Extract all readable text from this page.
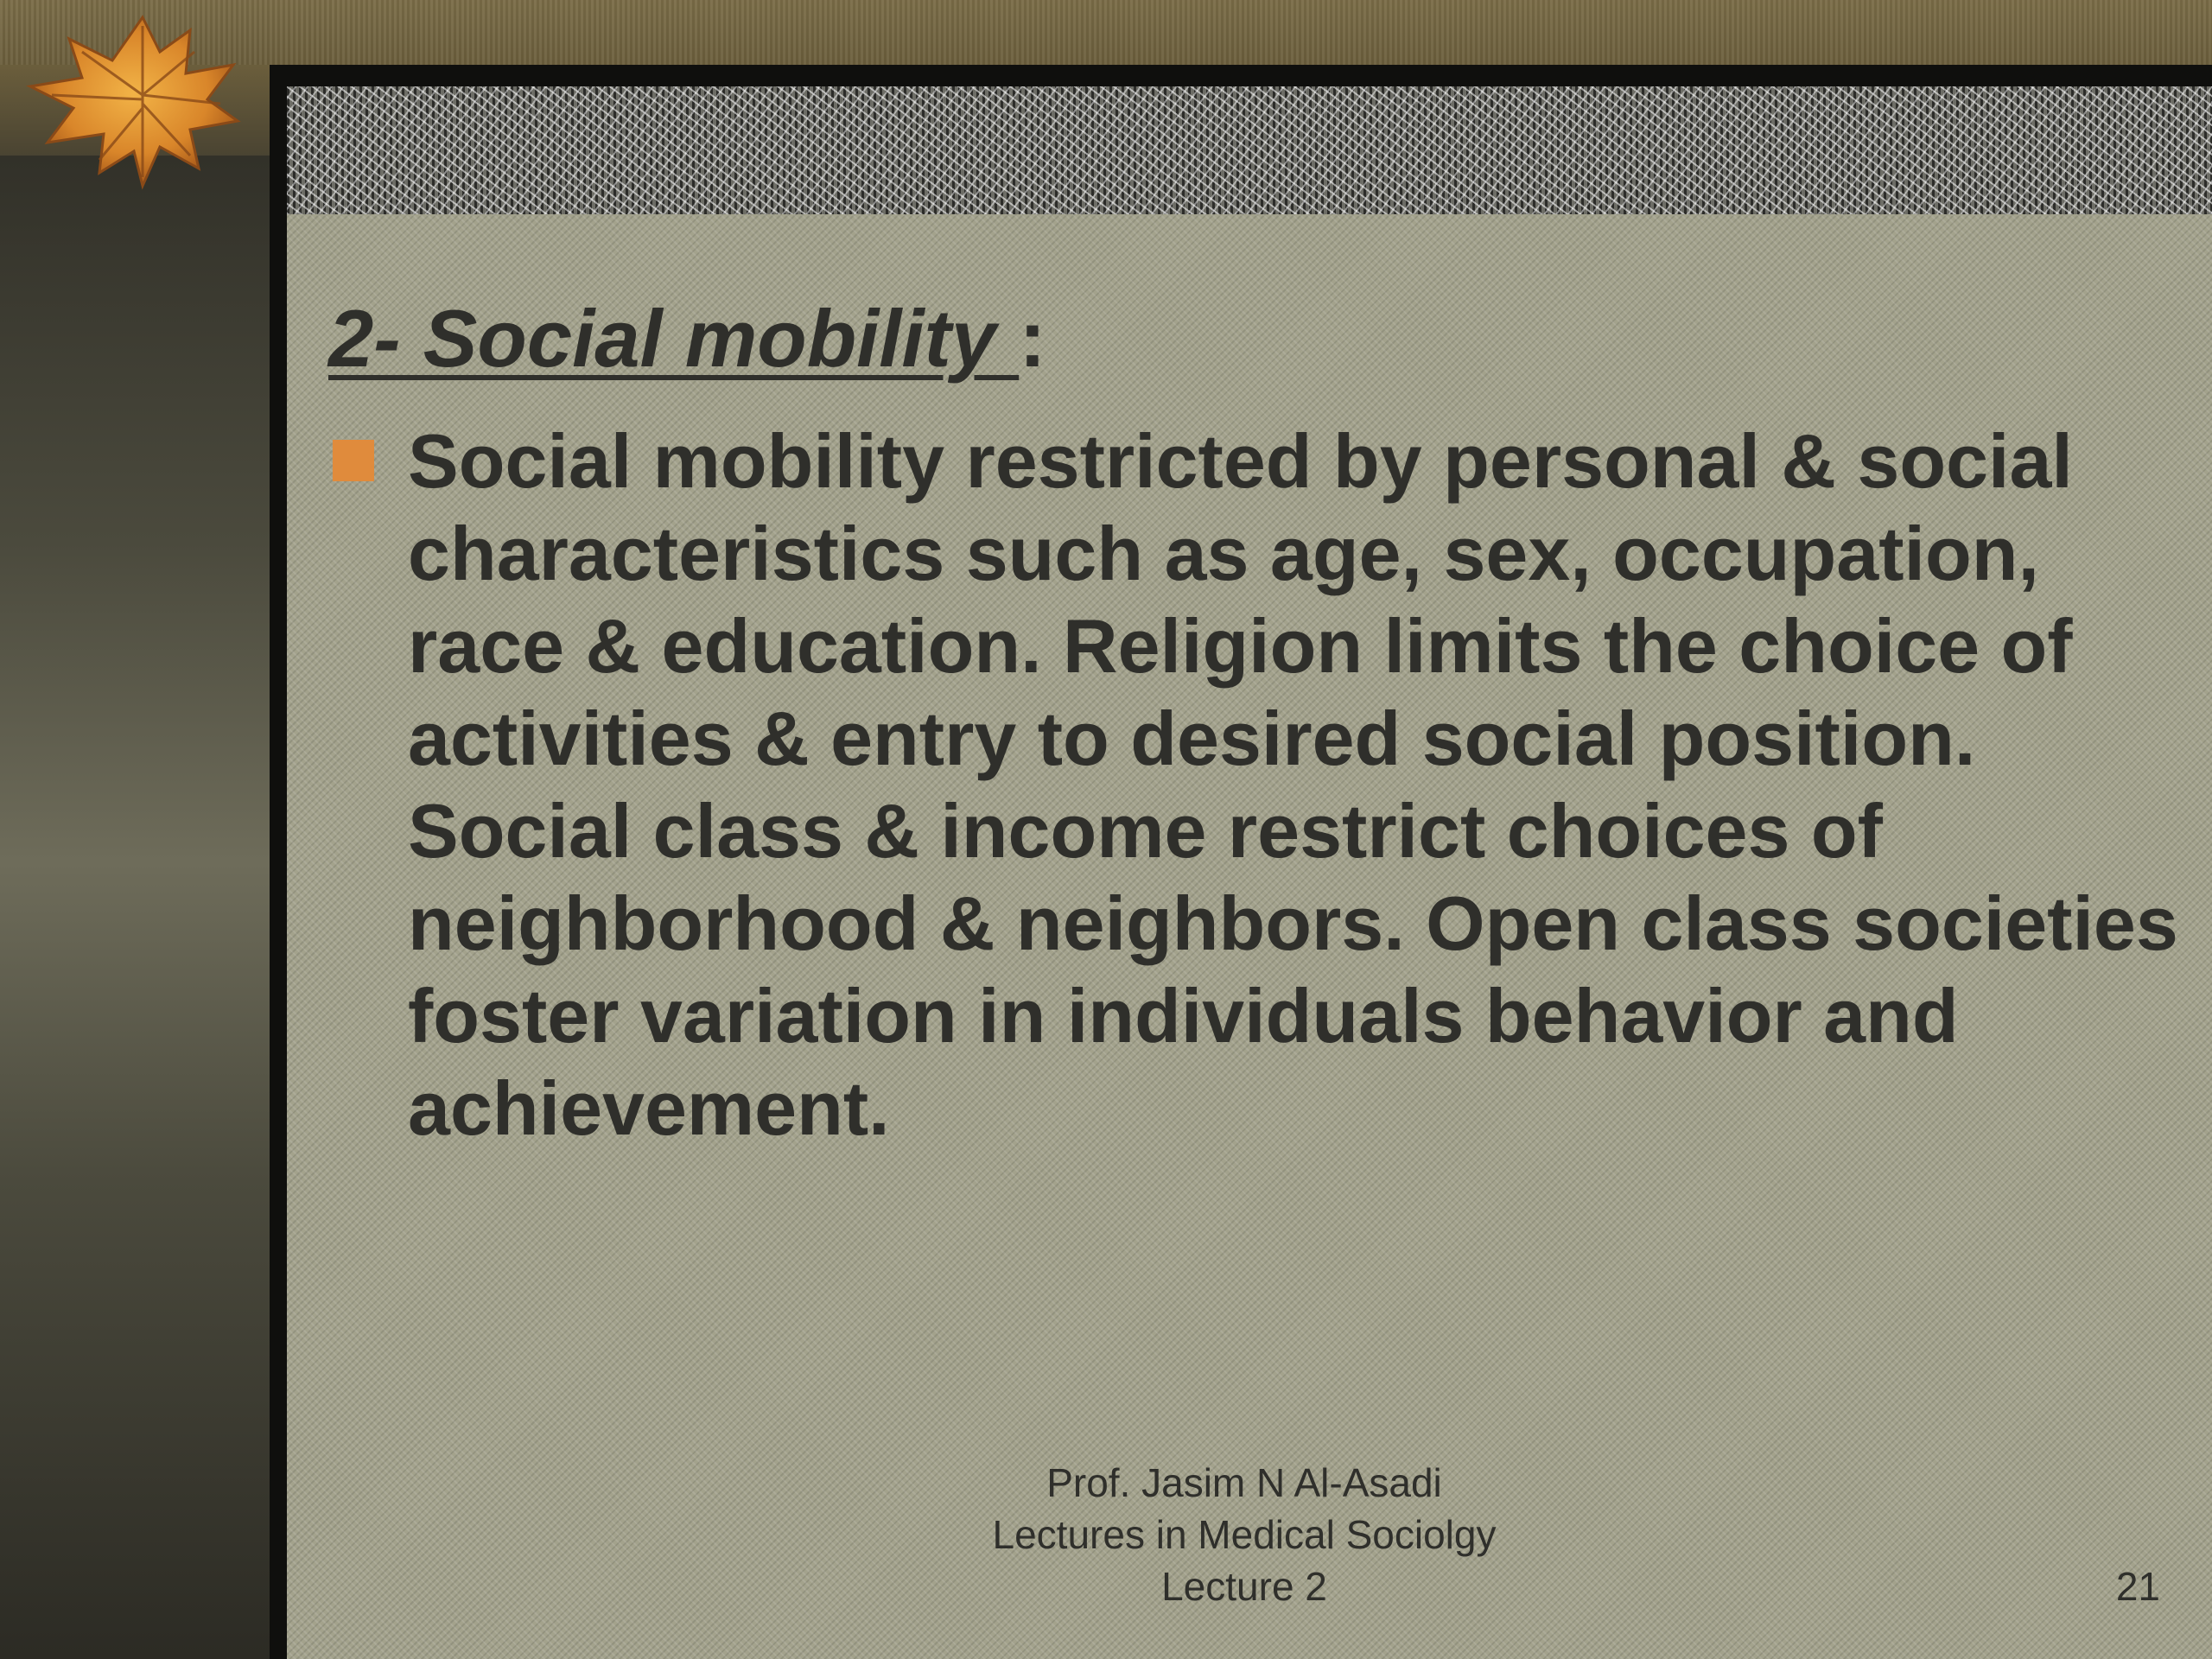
2- Social mobility :

Social mobility restricted by personal & social characteristics such as age, sex, occupation, race & education. Religion limits the choice of activities & entry to desired social position. Social class & income restrict choices of neighborhood & neighbors. Open class societies foster variation in individuals behavior and achievement.

Prof. Jasim N Al-Asadi
Lectures in Medical Sociolgy
Lecture 2	21
